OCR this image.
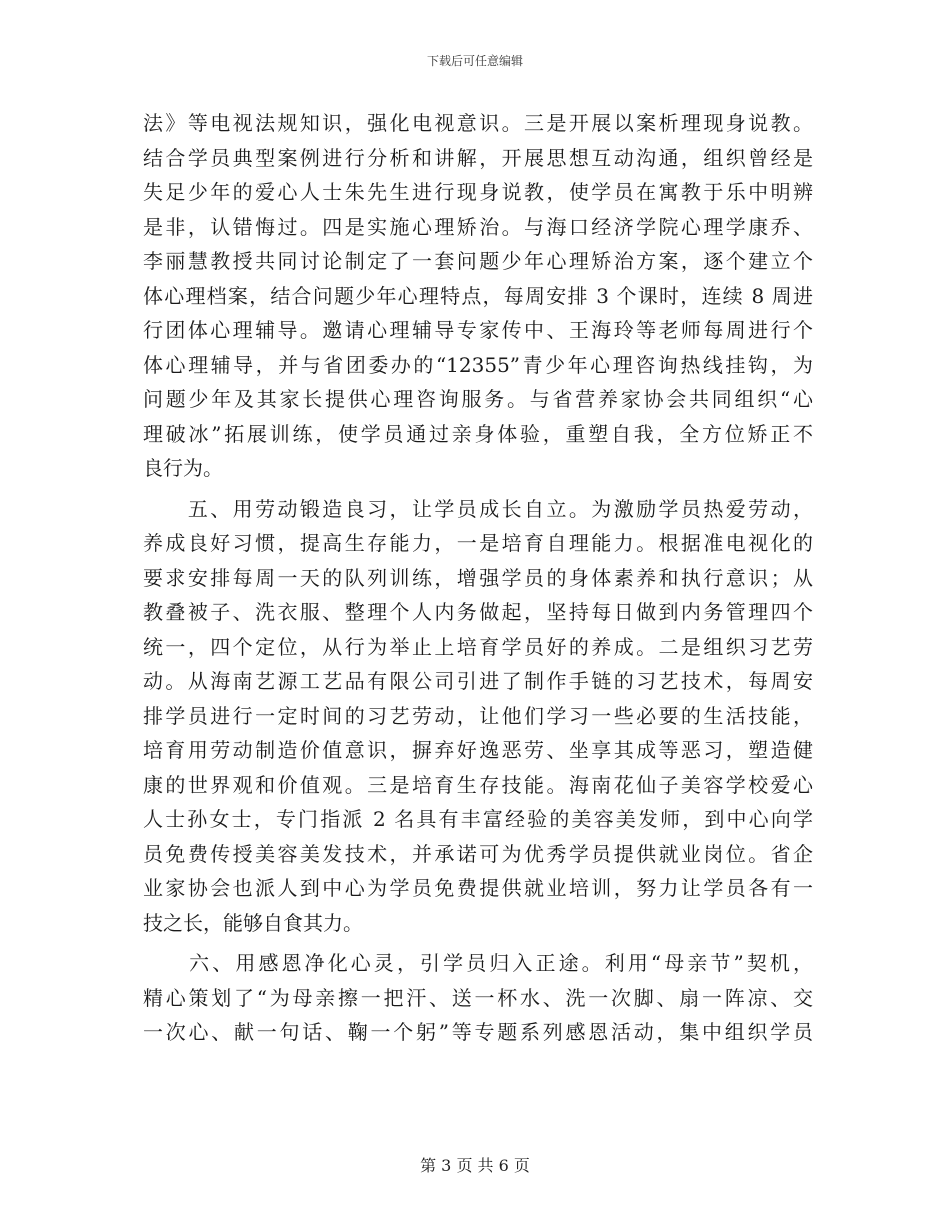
下载后可任意编辑
法》等电视法规知识，强化电视意识。三是开展以案析理现身说教。
结合学员典型案例进行分析和讲解，开展思想互动沟通，组织曾经是
失足少年的爱心人士朱先生进行现身说教，使学员在寓教于乐中明辨
是非，认错悔过。四是实施心理矫治。与海口经济学院心理学康乔、
李丽慧教授共同讨论制定了一套问题少年心理矫治方案，逐个建立个
体心理档案，结合问题少年心理特点，每周安排 3 个课时，连续 8 周进
行团体心理辅导。邀请心理辅导专家传中、王海玲等老师每周进行个
体心理辅导，并与省团委办的“12355”青少年心理咨询热线挂钩，为
问题少年及其家长提供心理咨询服务。与省营养家协会共同组织“心
理破冰”拓展训练，使学员通过亲身体验，重塑自我，全方位矫正不
良行为。
　　五、用劳动锻造良习，让学员成长自立。为激励学员热爱劳动，
养成良好习惯，提高生存能力，一是培育自理能力。根据准电视化的
要求安排每周一天的队列训练，增强学员的身体素养和执行意识；从
教叠被子、洗衣服、整理个人内务做起，坚持每日做到内务管理四个
统一，四个定位，从行为举止上培育学员好的养成。二是组织习艺劳
动。从海南艺源工艺品有限公司引进了制作手链的习艺技术，每周安
排学员进行一定时间的习艺劳动，让他们学习一些必要的生活技能，
培育用劳动制造价值意识，摒弃好逸恶劳、坐享其成等恶习，塑造健
康的世界观和价值观。三是培育生存技能。海南花仙子美容学校爱心
人士孙女士，专门指派 2 名具有丰富经验的美容美发师，到中心向学
员免费传授美容美发技术，并承诺可为优秀学员提供就业岗位。省企
业家协会也派人到中心为学员免费提供就业培训，努力让学员各有一
技之长，能够自食其力。
　　六、用感恩净化心灵，引学员归入正途。利用“母亲节”契机，
精心策划了“为母亲擦一把汗、送一杯水、洗一次脚、扇一阵凉、交
一次心、献一句话、鞠一个躬”等专题系列感恩活动，集中组织学员
第 3 页 共 6 页
